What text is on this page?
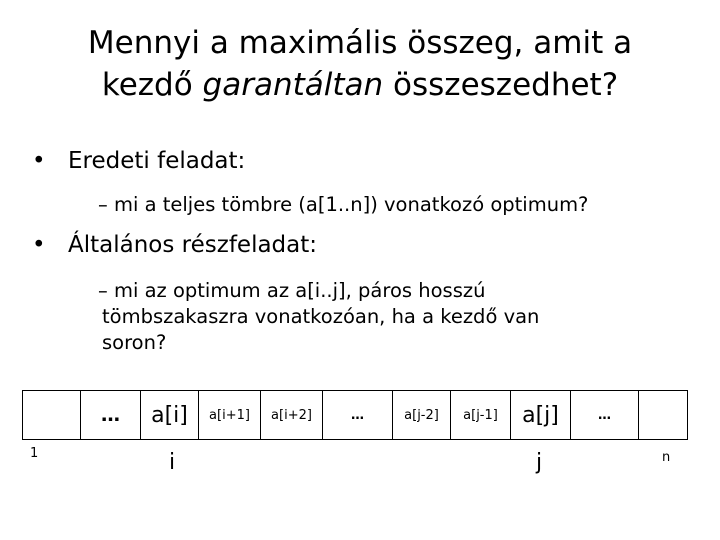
Mennyi a maximális összeg, amit a
kezdő garantáltan összeszedhet?
• Eredeti feladat:
– mi a teljes tömbre (a[1..n]) vonatkozó optimum?
• Általános részfeladat:
– mi az optimum az a[i..j], páros hosszú
tömbszakaszra vonatkozóan, ha a kezdő van
soron?
…	a[i]	a[i+1]	a[i+2]	…	a[j-2]	a[j-1]	a[j]	…
1	i	j	n
